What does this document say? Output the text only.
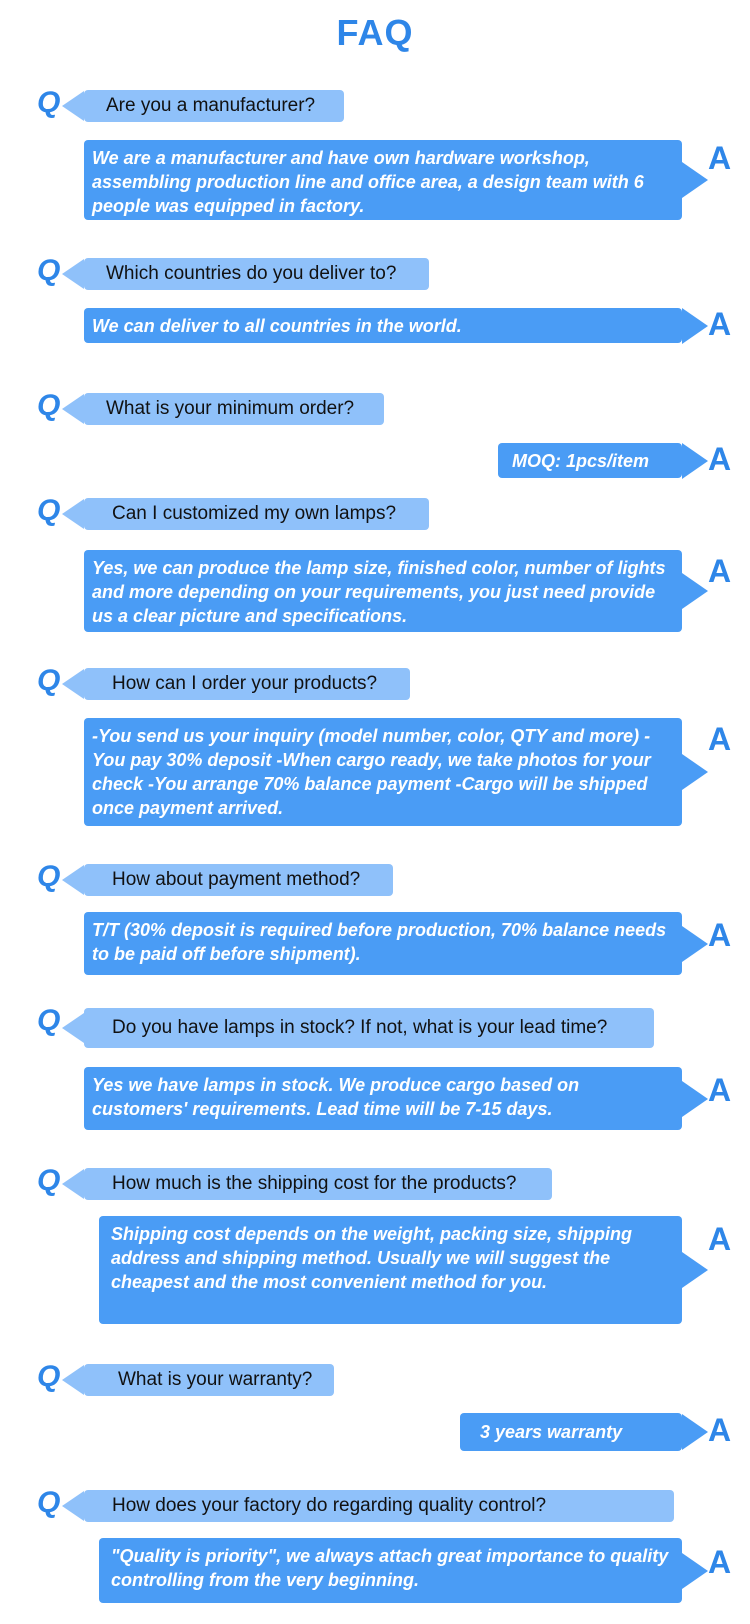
FAQ
Q	Are you a manufacturer?
We are a manufacturer and have own hardware workshop, assembling production line and office area, a design team with 6 people was equipped in factory.
A
Q	Which countries do you deliver to?
We can deliver to all countries in the world.	A
Q	What is your minimum order?
MOQ: 1pcs/item	A
Q	Can I customized my own lamps?
Yes, we can produce the lamp size, finished color, number of lights and more depending on your requirements, you just need provide us a clear picture and specifications.
A
Q	How can I order your products?
-You send us your inquiry (model number, color, QTY and more) -You pay 30% deposit -When cargo ready, we take photos for your check -You arrange 70% balance payment -Cargo will be shipped once payment arrived.
A
Q	How about payment method?
T/T (30% deposit is required before production, 70% balance needs to be paid off before shipment).
A
Q	Do you have lamps in stock? If not, what is your lead time?
Yes we have lamps in stock. We produce cargo based on customers' requirements. Lead time will be 7-15 days.
A
Q	How much is the shipping cost for the products?
Shipping cost depends on the weight, packing size, shipping address and shipping method. Usually we will suggest the cheapest and the most convenient method for you.
A
Q	What is your warranty?
3 years warranty	A
Q	How does your factory do regarding quality control?
"Quality is priority", we always attach great importance to quality controlling from the very beginning.	A
